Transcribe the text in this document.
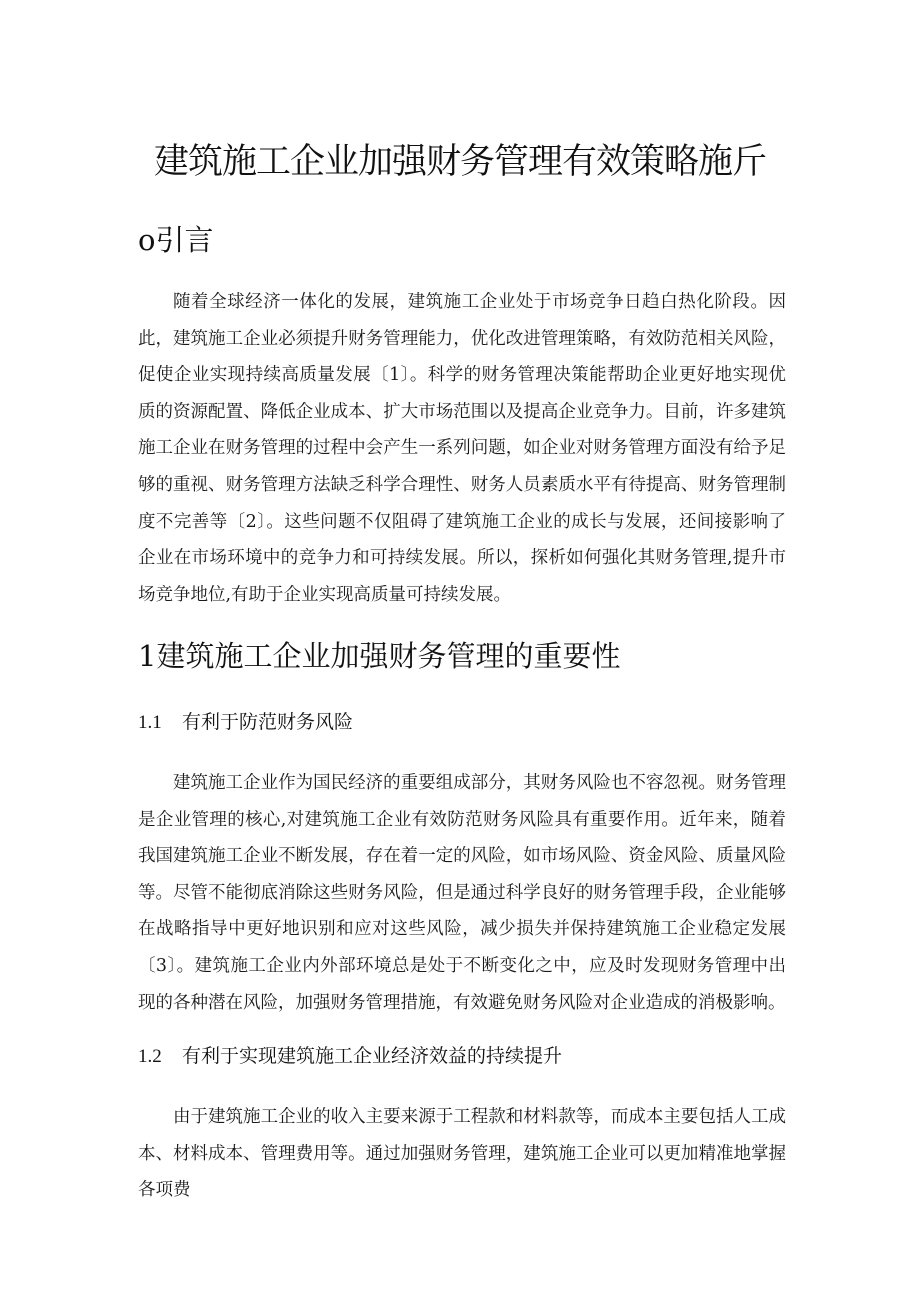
建筑施工企业加强财务管理有效策略施斤
o引言

随着全球经济一体化的发展，建筑施工企业处于市场竞争日趋白热化阶段。因此，建筑施工企业必须提升财务管理能力，优化改进管理策略，有效防范相关风险，促使企业实现持续高质量发展〔1〕。科学的财务管理决策能帮助企业更好地实现优质的资源配置、降低企业成本、扩大市场范围以及提高企业竞争力。目前，许多建筑施工企业在财务管理的过程中会产生一系列问题，如企业对财务管理方面没有给予足够的重视、财务管理方法缺乏科学合理性、财务人员素质水平有待提高、财务管理制度不完善等〔2〕。这些问题不仅阻碍了建筑施工企业的成长与发展，还间接影响了企业在市场环境中的竞争力和可持续发展。所以，探析如何强化其财务管理,提升市场竞争地位,有助于企业实现高质量可持续发展。

1建筑施工企业加强财务管理的重要性
1.1 有利于防范财务风险

建筑施工企业作为国民经济的重要组成部分，其财务风险也不容忽视。财务管理是企业管理的核心,对建筑施工企业有效防范财务风险具有重要作用。近年来，随着我国建筑施工企业不断发展，存在着一定的风险，如市场风险、资金风险、质量风险等。尽管不能彻底消除这些财务风险，但是通过科学良好的财务管理手段，企业能够在战略指导中更好地识别和应对这些风险，减少损失并保持建筑施工企业稳定发展〔3〕。建筑施工企业内外部环境总是处于不断变化之中，应及时发现财务管理中出现的各种潜在风险，加强财务管理措施，有效避免财务风险对企业造成的消极影响。

1.2 有利于实现建筑施工企业经济效益的持续提升

由于建筑施工企业的收入主要来源于工程款和材料款等，而成本主要包括人工成本、材料成本、管理费用等。通过加强财务管理，建筑施工企业可以更加精准地掌握各项费
